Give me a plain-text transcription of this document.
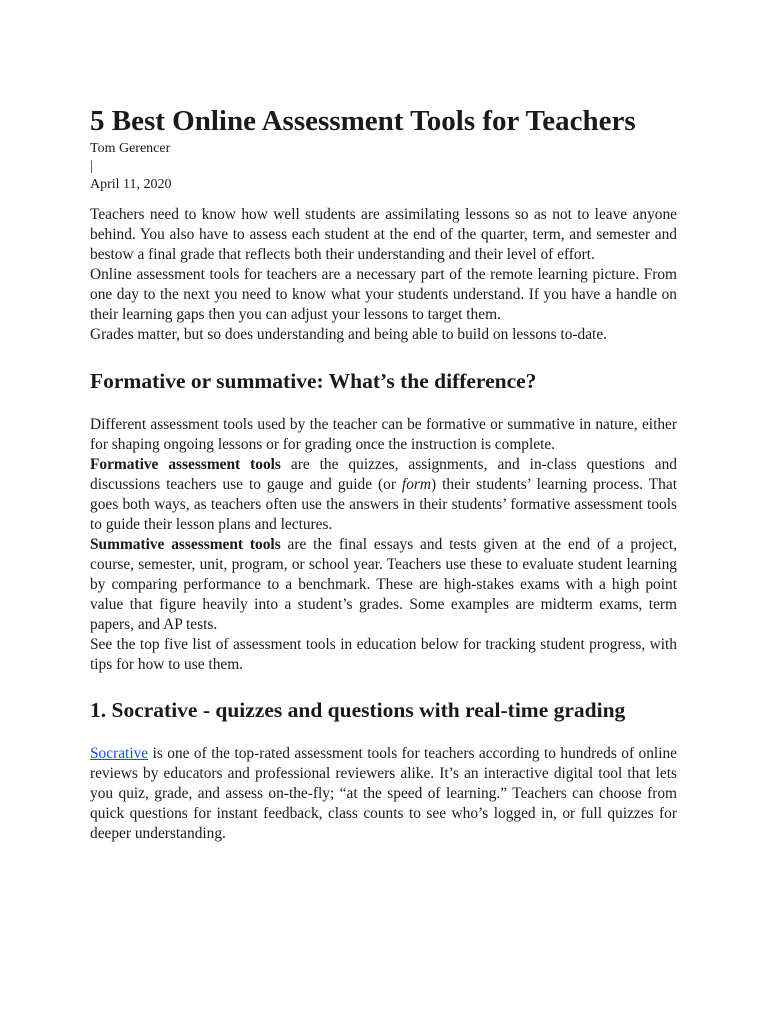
5 Best Online Assessment Tools for Teachers
Tom Gerencer
|
April 11, 2020

Teachers need to know how well students are assimilating lessons so as not to leave anyone behind. You also have to assess each student at the end of the quarter, term, and semester and bestow a final grade that reflects both their understanding and their level of effort.

Online assessment tools for teachers are a necessary part of the remote learning picture. From one day to the next you need to know what your students understand. If you have a handle on their learning gaps then you can adjust your lessons to target them.

Grades matter, but so does understanding and being able to build on lessons to-date.

Formative or summative: What’s the difference?

Different assessment tools used by the teacher can be formative or summative in nature, either for shaping ongoing lessons or for grading once the instruction is complete.

Formative assessment tools are the quizzes, assignments, and in-class questions and discussions teachers use to gauge and guide (or form) their students’ learning process. That goes both ways, as teachers often use the answers in their students’ formative assessment tools to guide their lesson plans and lectures.

Summative assessment tools are the final essays and tests given at the end of a project, course, semester, unit, program, or school year. Teachers use these to evaluate student learning by comparing performance to a benchmark. These are high-stakes exams with a high point value that figure heavily into a student’s grades. Some examples are midterm exams, term papers, and AP tests.

See the top five list of assessment tools in education below for tracking student progress, with tips for how to use them.

1. Socrative - quizzes and questions with real-time grading

Socrative is one of the top-rated assessment tools for teachers according to hundreds of online reviews by educators and professional reviewers alike. It’s an interactive digital tool that lets you quiz, grade, and assess on-the-fly; “at the speed of learning.” Teachers can choose from quick questions for instant feedback, class counts to see who’s logged in, or full quizzes for deeper understanding.
